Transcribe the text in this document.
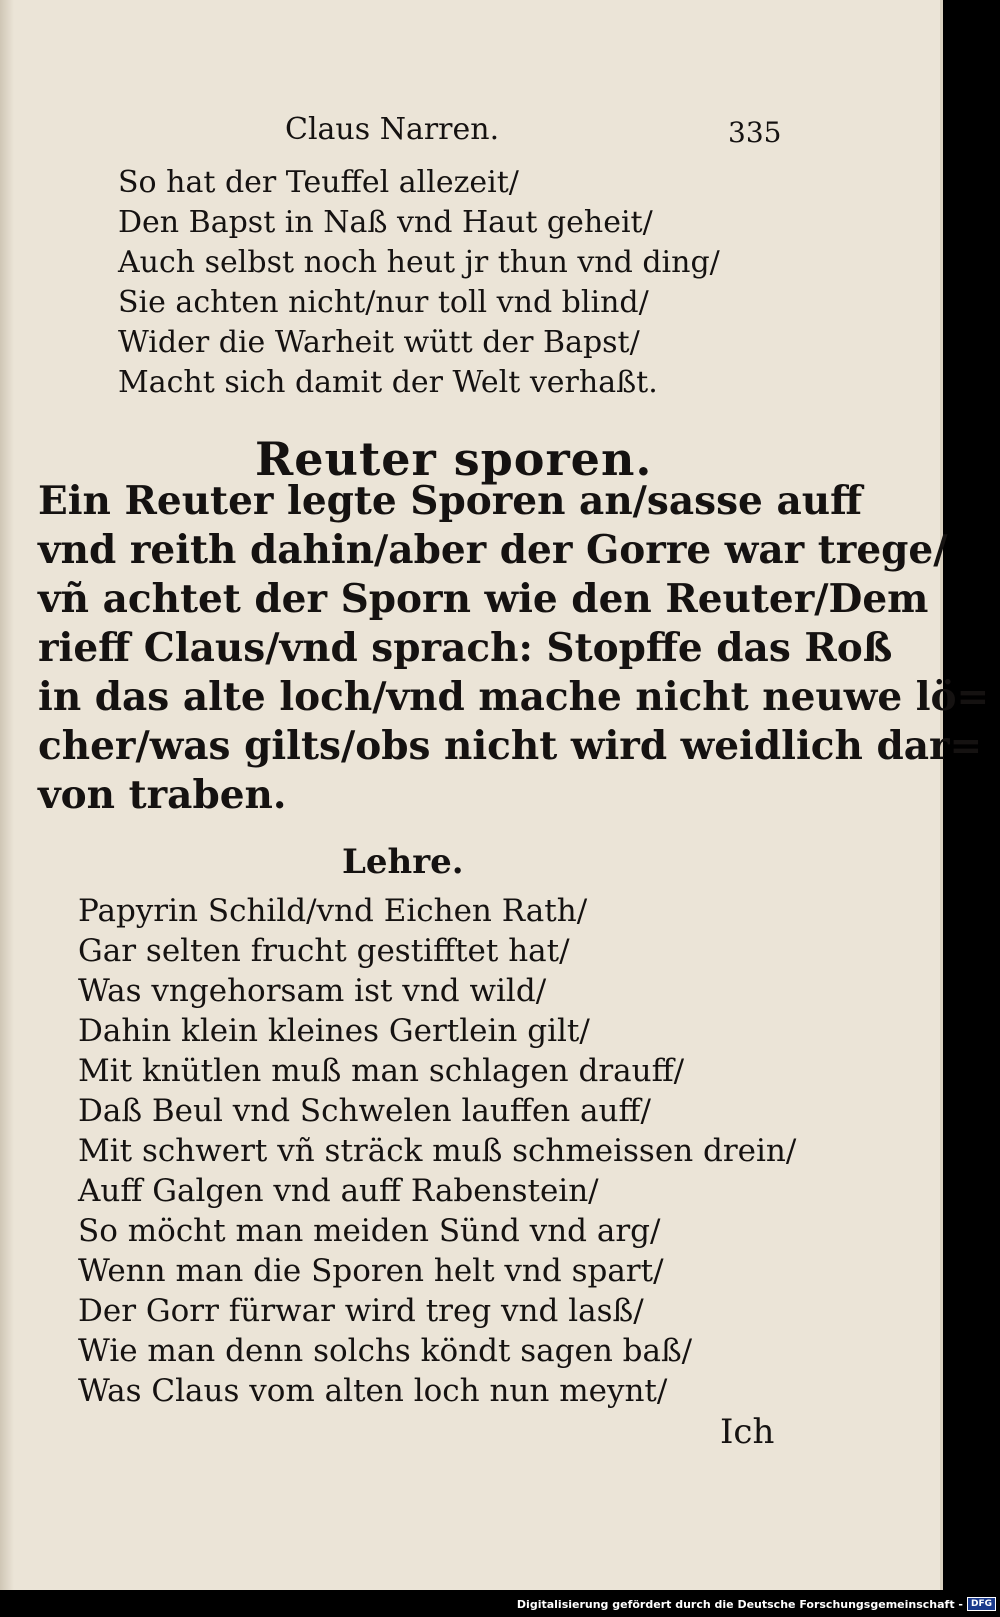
Claus Narren.	335
So hat der Teuffel allezeit/
Den Bapst in Naß vnd Haut geheit/
Auch selbst noch heut jr thun vnd ding/
Sie achten nicht/nur toll vnd blind/
Wider die Warheit wütt der Bapst/
Macht sich damit der Welt verhaßt.
Reuter sporen.
Ein Reuter legte Sporen an/sasse auff
vnd reith dahin/aber der Gorre war trege/
vñ achtet der Sporn wie den Reuter/Dem
rieff Claus/vnd sprach: Stopffe das Roß
in das alte loch/vnd mache nicht neuwe lö=
cher/was gilts/obs nicht wird weidlich dar=
von traben.
Lehre.
Papyrin Schild/vnd Eichen Rath/
Gar selten frucht gestifftet hat/
Was vngehorsam ist vnd wild/
Dahin klein kleines Gertlein gilt/
Mit knütlen muß man schlagen drauff/
Daß Beul vnd Schwelen lauffen auff/
Mit schwert vñ sträck muß schmeissen drein/
Auff Galgen vnd auff Rabenstein/
So möcht man meiden Sünd vnd arg/
Wenn man die Sporen helt vnd spart/
Der Gorr fürwar wird treg vnd lasß/
Wie man denn solchs köndt sagen baß/
Was Claus vom alten loch nun meynt/
Ich
Digitalisierung gefördert durch die Deutsche Forschungsgemeinschaft - DFG
